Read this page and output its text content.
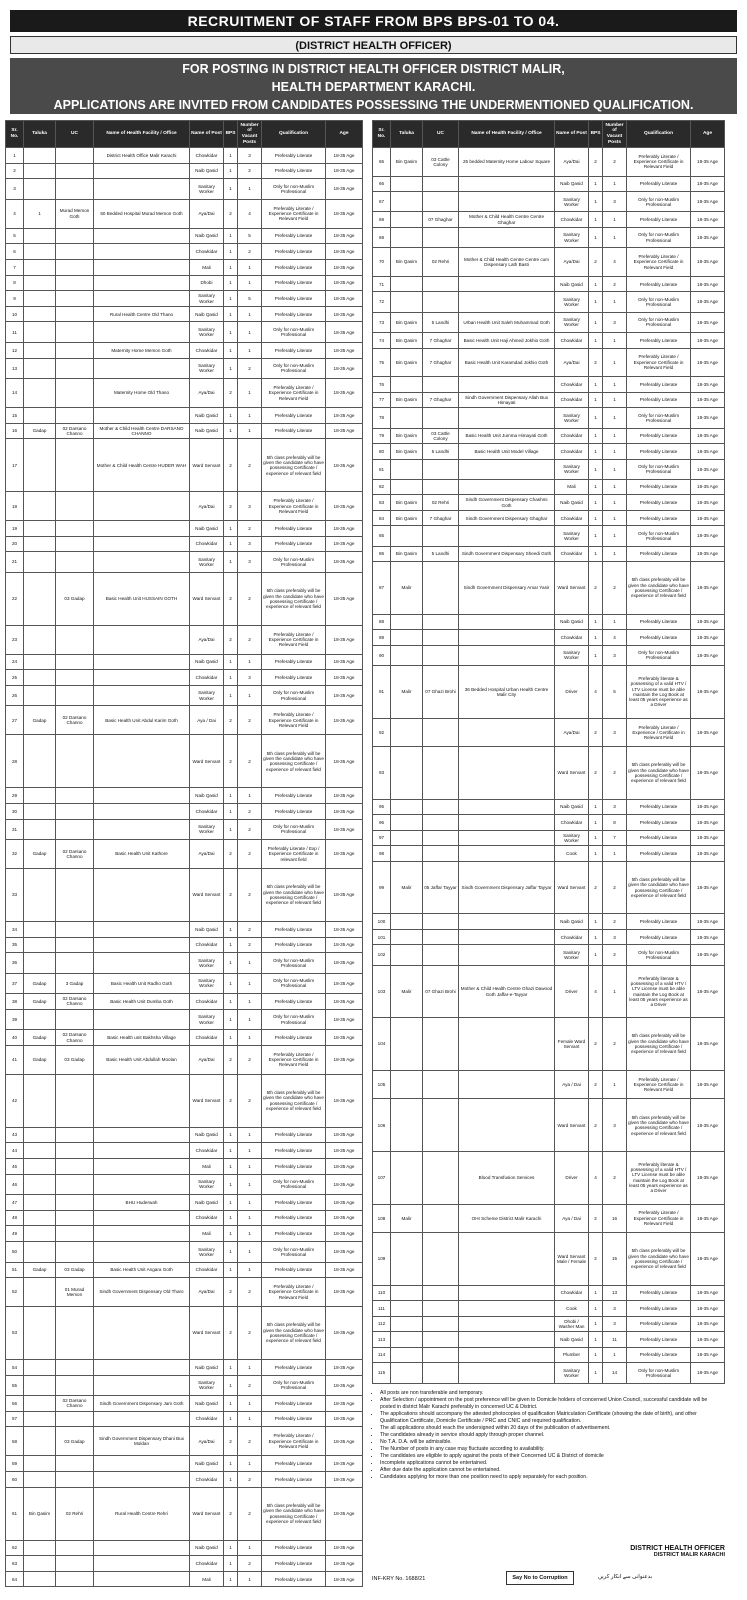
RECRUITMENT OF STAFF FROM BPS BPS-01 TO 04.
(DISTRICT HEALTH OFFICER)
FOR POSTING IN DISTRICT HEALTH OFFICER DISTRICT MALIR,
HEALTH DEPARTMENT KARACHI.
APPLICATIONS ARE INVITED FROM CANDIDATES POSSESSING THE UNDERMENTIONED QUALIFICATION.
Sr. No.	Taluka	UC	Name of Health Facility / Office	Name of Post	BPS	Number of Vacant Posts	Qualification	Age
1			District Health Office Malir Karachi	Chowkidar	1	3	Preferably Literate	18-35 Age
2				Naib Qasid	1	2	Preferably Literate	18-35 Age
3				Sanitary Worker	1	1	Only for non-Muslim Professional	18-35 Age
4	1	Murad Memon Goth	50 Bedded Hospital Murad Memon Goth	Aya/Dai	2	4	Preferably Literate / Experience Certificate in Relevant Field	18-35 Age
5				Naib Qasid	1	5	Preferably Literate	18-35 Age
6				Chowkidar	1	2	Preferably Literate	18-35 Age
7				Mali	1	1	Preferably Literate	18-35 Age
8				Dhobi	1	1	Preferably Literate	18-35 Age
9				Sanitary Worker	1	5	Preferably Literate	18-35 Age
10			Rural Health Centre Old Thano	Naib Qasid	1	1	Preferably Literate	18-35 Age
11				Sanitary Worker	1	1	Only for non-Muslim Professional	18-35 Age
12			Maternity Home Memon Goth	Chowkidar	1	1	Preferably Literate	18-35 Age
13				Sanitary Worker	1	2	Only for non-Muslim Professional	18-35 Age
14			Maternity Home Old Thano	Aya/Dai	2	1	Preferably Literate / Experience Certificate in Relevant Field	18-35 Age
15				Naib Qasid	1	1	Preferably Literate	18-35 Age
16	Gadap	02 Darsano Channo	Mother & Child Health Centre DARSANO CHANNO	Naib Qasid	1	1	Preferably Literate	18-35 Age
17			Mother & Child Health Centre HUDER WAH	Ward Servant	2	2	5th class preferably will be given the candidate who have possessing Certificate / experience of relevant field	18-35 Age
18				Aya/Dai	2	3	Preferably Literate / Experience Certificate in Relevant Field	18-35 Age
19				Naib Qasid	1	2	Preferably Literate	18-35 Age
20				Chowkidar	1	3	Preferably Literate	18-35 Age
21				Sanitary Worker	1	3	Only for non-Muslim Professional	18-35 Age
22		03 Gadap	Basic Health Unit HUSSAIN GOTH	Ward Servant	2	2	5th class preferably will be given the candidate who have possessing Certificate / experience of relevant field	18-35 Age
23				Aya/Dai	2	2	Preferably Literate / Experience Certificate in Relevant Field	18-35 Age
24				Naib Qasid	1	1	Preferably Literate	18-35 Age
25				Chowkidar	1	3	Preferably Literate	18-35 Age
26				Sanitary Worker	1	1	Only for non-Muslim Professional	18-35 Age
27	Gadap	02 Darsano Channo	Basic Health Unit Abdul Karim Goth	Aya / Dai	2	2	Preferably Literate / Experience Certificate in Relevant Field	18-35 Age
28				Ward Servant	2	2	5th class preferably will be given the candidate who have possessing Certificate / experience of relevant field	18-35 Age
29				Naib Qasid	1	1	Preferably Literate	18-35 Age
30				Chowkidar	1	2	Preferably Literate	18-35 Age
31				Sanitary Worker	1	2	Only for non-Muslim Professional	18-35 Age
32	Gadap	02 Darsano Channo	Basic Health Unit Kathore	Aya/Dai	2	2	Preferably Literate / Exp / Experience Certificate in relevant field	18-35 Age
33				Ward Servant	2	2	5th class preferably will be given the candidate who have possessing Certificate / experience of relevant field	18-35 Age
34				Naib Qasid	1	2	Preferably Literate	18-35 Age
35				Chowkidar	1	2	Preferably Literate	18-35 Age
36				Sanitary Worker	1	1	Only for non-Muslim Professional	18-35 Age
37	Gadap	3 Gadap	Basic Health Unit Radho Goth	Sanitary Worker	1	1	Only for non-Muslim Professional	18-35 Age
38	Gadap	02 Darsano Channo	Basic Health Unit Dumba Goth	Chowkidar	1	1	Preferably Literate	18-35 Age
39				Sanitary Worker	1	1	Only for non-Muslim Professional	18-35 Age
40	Gadap	02 Darsano Channo	Basic Health unit Bakhsha Village	Chowkidar	1	1	Preferably Literate	18-35 Age
41	Gadap	03 Gadap	Basic Health Unit Abdullah Moolan	Aya/Dai	2	2	Preferably Literate / Experience Certificate in Relevant Field	18-35 Age
42				Ward Servant	2	2	5th class preferably will be given the candidate who have possessing Certificate / experience of relevant field	18-35 Age
43				Naib Qasid	1	1	Preferably Literate	18-35 Age
44				Chowkidar	1	1	Preferably Literate	18-35 Age
45				Mali	1	1	Preferably Literate	18-35 Age
46				Sanitary Worker	1	1	Only for non-Muslim Professional	18-35 Age
47			BHU Huderwah	Naib Qasid	1	1	Preferably Literate	18-35 Age
48				Chowkidar	1	1	Preferably Literate	18-35 Age
49				Mali	1	1	Preferably Literate	18-35 Age
50				Sanitary Worker	1	1	Only for non-Muslim Professional	18-35 Age
51	Gadap	03 Gadap	Basic Health Unit Angara Goth	Chowkidar	1	1	Preferably Literate	18-35 Age
52		01 Murad Memon	Sindh Government Dispensary Old Tharo	Aya/Dai	2	2	Preferably Literate / Experience Certificate in Relevant Field	18-35 Age
53				Ward Servant	2	2	5th class preferably will be given the candidate who have possessing Certificate / experience of relevant field	18-35 Age
54				Naib Qasid	1	1	Preferably Literate	18-35 Age
55				Sanitary Worker	1	2	Only for non-Muslim Professional	18-35 Age
56		02 Darsano Channo	Sindh Government Dispensary Jam Goth	Naib Qasid	1	1	Preferably Literate	18-35 Age
57				Chowkidar	1	1	Preferably Literate	18-35 Age
58		03 Gadap	Sindh Government Dispensary Dhani Bux Moldan	Aya/Dai	2	2	Preferably Literate / Experience Certificate in Relevant Field	18-35 Age
59				Naib Qasid	1	1	Preferably Literate	18-35 Age
60				Chowkidar	1	2	Preferably Literate	18-35 Age
61	Bin Qasim	02 Rehri	Rural Health Centre Rehri	Ward Servant	2	2	5th class preferably will be given the candidate who have possessing Certificate / experience of relevant field	18-35 Age
62				Naib Qasid	1	1	Preferably Literate	18-35 Age
63				Chowkidar	1	2	Preferably Literate	18-35 Age
64				Mali	1	1	Preferably Literate	18-35 Age
Sr. No.	Taluka	UC	Name of Health Facility / Office	Name of Post	BPS	Number of Vacant Posts	Qualification	Age
65	Bin Qasim	03 Cattle Colony	25 bedded Maternity Home Labour Square	Aya/Dai	2	2	Preferably Literate / Experience Certificate in Relevant Field	18-35 Age
66				Naib Qasid	1	1	Preferably Literate	18-35 Age
67				Sanitary Worker	1	3	Only for non-Muslim Professional	18-35 Age
68		07 Ghaghar	Mother & Child Health Centre Centre Ghaghar	Chowkidar	1	1	Preferably Literate	18-35 Age
69				Sanitary Worker	1	1	Only for non-Muslim Professional	18-35 Age
70	Bin Qasim	02 Rehri	Mother & Child Health Centre Centre cum Dispensary Lath Basti	Aya/Dai	2	4	Preferably Literate / Experience Certificate in Relevant Field	18-35 Age
71				Naib Qasid	1	2	Preferably Literate	18-35 Age
72				Sanitary Worker	1	1	Only for non-Muslim Professional	18-35 Age
73	Bin Qasim	5 Landhi	Urban Health Unit Saleh Muhammad Goth	Sanitary Worker	1	3	Only for non-Muslim Professional	18-35 Age
74	Bin Qasim	7 Ghaghar	Basic Health Unit Haji Ahmed Jokhio Goth	Chowkidar	1	1	Preferably Literate	18-35 Age
75	Bin Qasim	7 Ghaghar	Basic Health Unit Karamdad Jokhio Goth	Aya/Dai	2	1	Preferably Literate / Experience Certificate in Relevant Field	18-35 Age
76				Chowkidar	1	1	Preferably Literate	18-35 Age
77	Bin Qasim	7 Ghaghar	Sindh Government Dispensary Allah Bux Himayati	Chowkidar	1	1	Preferably Literate	18-35 Age
78				Sanitary Worker	1	1	Only for non-Muslim Professional	18-35 Age
79	Bin Qasim	03 Cattle Colony	Basic Health Unit Jumma Himayati Goth	Chowkidar	1	1	Preferably Literate	18-35 Age
80	Bin Qasim	5 Landhi	Basic Health Unit Model Village	Chowkidar	1	1	Preferably Literate	18-35 Age
81				Sanitary Worker	1	1	Only for non-Muslim Professional	18-35 Age
82				Mali	1	1	Preferably Literate	18-35 Age
83	Bin Qasim	02 Rehri	Sindh Government Dispensary Chashmi Goth	Naib Qasid	1	1	Preferably Literate	18-35 Age
84	Bin Qasim	7 Ghaghar	Sindh Government Dispensary Ghaghar	Chowkidar	1	1	Preferably Literate	18-35 Age
85				Sanitary Worker	1	1	Only for non-Muslim Professional	18-35 Age
86	Bin Qasim	5 Landhi	Sindh Government Dispensary Sheedi Goth	Chowkidar	1	1	Preferably Literate	18-35 Age
87	Malir		Sindh Government Dispensary Amar Yasir	Ward Servant	2	2	5th class preferably will be given the candidate who have possessing Certificate / experience of relevant field	18-35 Age
88				Naib Qasid	1	1	Preferably Literate	18-35 Age
89				Chowkidar	1	4	Preferably Literate	18-35 Age
90				Sanitary Worker	1	3	Only for non-Muslim Professional	18-35 Age
91	Malir	07 Ghazi Brohi	36 Bedded Hospital Urban Health Centre Malir City	Driver	4	5	Preferably literate & possessing of a valid HTV / LTV License must be able maintain the Log Book at least 05 years experience as a Driver	18-35 Age
92				Aya/Dai	2	3	Preferably Literate / Experience / Certificate in Relevant Field	18-35 Age
93				Ward Servant	2	2	5th class preferably will be given the candidate who have possessing Certificate / experience of relevant field	18-35 Age
95				Naib Qasid	1	3	Preferably Literate	18-35 Age
96				Chowkidar	1	8	Preferably Literate	18-35 Age
97				Sanitary Worker	1	7	Preferably Literate	18-35 Age
98				Cook	1	1	Preferably Literate	18-35 Age
99	Malir	05 Jaffar Tayyar	Sindh Government Dispensary Jaffar Tayyar	Ward Servant	2	2	5th class preferably will be given the candidate who have possessing Certificate / experience of relevant field	18-35 Age
100				Naib Qasid	1	2	Preferably Literate	18-35 Age
101				Chowkidar	1	3	Preferably Literate	18-35 Age
102				Sanitary Worker	1	2	Only for non-Muslim Professional	18-35 Age
103	Malir	07 Ghazi Brohi	Mother & Child Health Centre Ghazi Dawood Goth Jaffar-e-Tayyar	Driver	4	1	Preferably literate & possessing of a valid HTV / LTV License must be able maintain the Log Book at least 05 years experience as a Driver	18-35 Age
104				Female Ward Servant	2	2	5th class preferably will be given the candidate who have possessing Certificate / experience of relevant field	18-35 Age
105				Aya / Dai	2	1	Preferably Literate / Experience Certificate in Relevant Field	18-35 Age
106				Ward Servant	2	3	5th class preferably will be given the candidate who have possessing Certificate / experience of relevant field	18-35 Age
107			Blood Transfusion Services	Driver	4	2	Preferably literate & possessing of a valid HTV / LTV License must be able maintain the Log Book at least 05 years experience as a Driver	18-35 Age
108	Malir		OHI Scheme District Malir Karachi	Aya / Dai	2	16	Preferably Literate / Experience Certificate in Relevant Field	18-35 Age
109				Ward Servant Male / Female	2	15	5th class preferably will be given the candidate who have possessing Certificate / experience of relevant field	18-35 Age
110				Chowkidar	1	13	Preferably Literate	18-35 Age
111				Cook	1	3	Preferably Literate	18-35 Age
112				Dhobi / Washer Man	1	3	Preferably Literate	18-35 Age
113				Naib Qasid	1	11	Preferably Literate	18-35 Age
114				Plumber	1	1	Preferably Literate	18-35 Age
115				Sanitary Worker	1	14	Only for non-Muslim Professional	18-35 Age
• All posts are non transferable and temporary.
• After Selection / appointment on the post preference will be given to Domicile holders of concerned Union Council, successful candidate will be posted in district Malir Karachi preferably in concerned UC & District.
• The applications should accompany the attested photocopies of qualification Matriculation Certificate (showing the date of birth), and other Qualification Certificate, Domicile Certificate / PRC and CNIC and required qualification.
• The all applications should reach the undersigned within 20 days of the publication of advertisement.
• The candidates already in service should apply through proper channel.
• No T.A. D.A. will be admissible.
• The Number of posts in any case may fluctuate according to availability.
• The candidates are eligible to apply against the posts of their Concerned UC & District of domicile
• Incomplete applications cannot be entertained.
• After due date the application cannot be entertained.
• Candidates applying for more than one position need to apply separately for each position.
DISTRICT HEALTH OFFICER
DISTRICT MALIR KARACHI
INF-KRY No. 1688/21	Say No to Corruption	بدعنوانی سے انکار کریں
